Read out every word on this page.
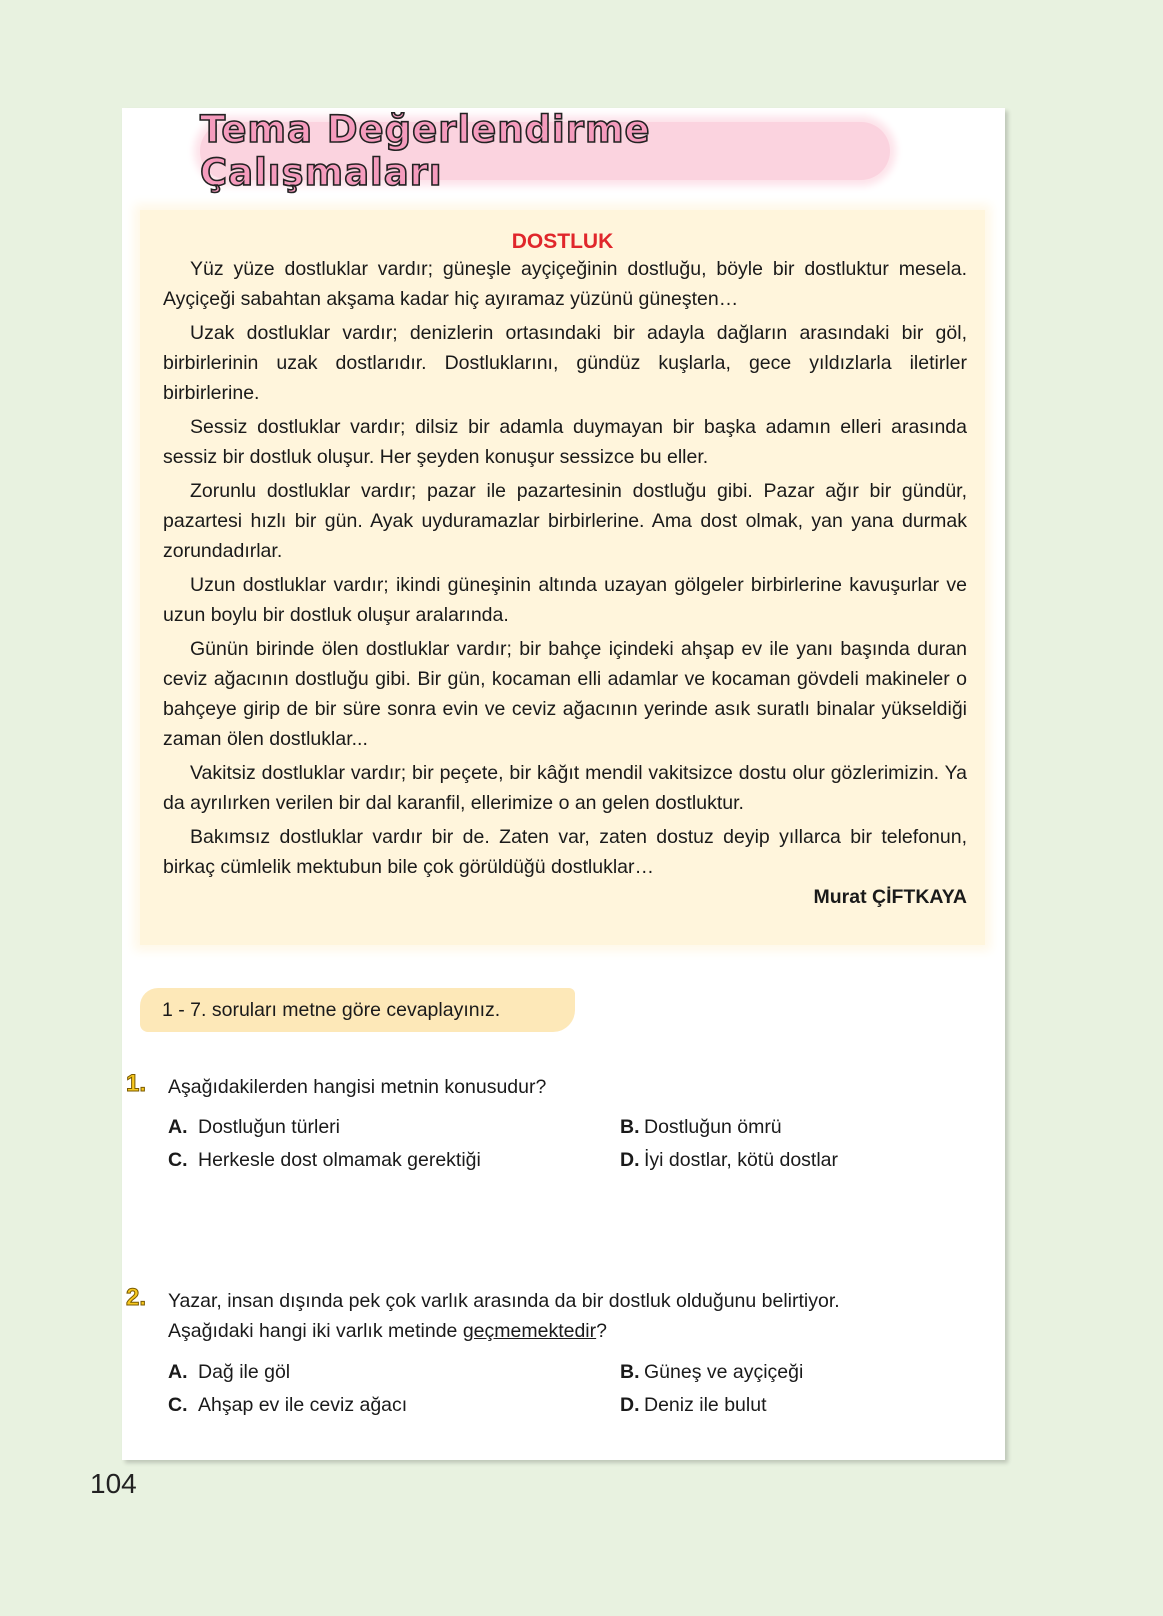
Tema Değerlendirme Çalışmaları
DOSTLUK

Yüz yüze dostluklar vardır; güneşle ayçiçeğinin dostluğu, böyle bir dostluktur mesela. Ayçiçeği sabahtan akşama kadar hiç ayıramaz yüzünü güneşten…

Uzak dostluklar vardır; denizlerin ortasındaki bir adayla dağların arasındaki bir göl, birbirlerinin uzak dostlarıdır. Dostluklarını, gündüz kuşlarla, gece yıldızlarla iletirler birbirlerine.

Sessiz dostluklar vardır; dilsiz bir adamla duymayan bir başka adamın elleri arasında sessiz bir dostluk oluşur. Her şeyden konuşur sessizce bu eller.

Zorunlu dostluklar vardır; pazar ile pazartesinin dostluğu gibi. Pazar ağır bir gündür, pazartesi hızlı bir gün. Ayak uyduramazlar birbirlerine. Ama dost olmak, yan yana durmak zorundadırlar.

Uzun dostluklar vardır; ikindi güneşinin altında uzayan gölgeler birbirlerine kavuşurlar ve uzun boylu bir dostluk oluşur aralarında.

Günün birinde ölen dostluklar vardır; bir bahçe içindeki ahşap ev ile yanı başında duran ceviz ağacının dostluğu gibi. Bir gün, kocaman elli adamlar ve kocaman gövdeli makineler o bahçeye girip de bir süre sonra evin ve ceviz ağacının yerinde asık suratlı binalar yükseldiği zaman ölen dostluklar...

Vakitsiz dostluklar vardır; bir peçete, bir kâğıt mendil vakitsizce dostu olur gözlerimizin. Ya da ayrılırken verilen bir dal karanfil, ellerimize o an gelen dostluktur.

Bakımsız dostluklar vardır bir de. Zaten var, zaten dostuz deyip yıllarca bir telefonun, birkaç cümlelik mektubun bile çok görüldüğü dostluklar…

Murat ÇİFTKAYA
1 - 7. soruları metne göre cevaplayınız.
1. Aşağıdakilerden hangisi metnin konusudur?
A. Dostluğun türleri	B. Dostluğun ömrü
C. Herkesle dost olmamak gerektiği	D. İyi dostlar, kötü dostlar
2. Yazar, insan dışında pek çok varlık arasında da bir dostluk olduğunu belirtiyor.
Aşağıdaki hangi iki varlık metinde geçmemektedir?
A. Dağ ile göl	B. Güneş ve ayçiçeği
C. Ahşap ev ile ceviz ağacı	D. Deniz ile bulut
104
